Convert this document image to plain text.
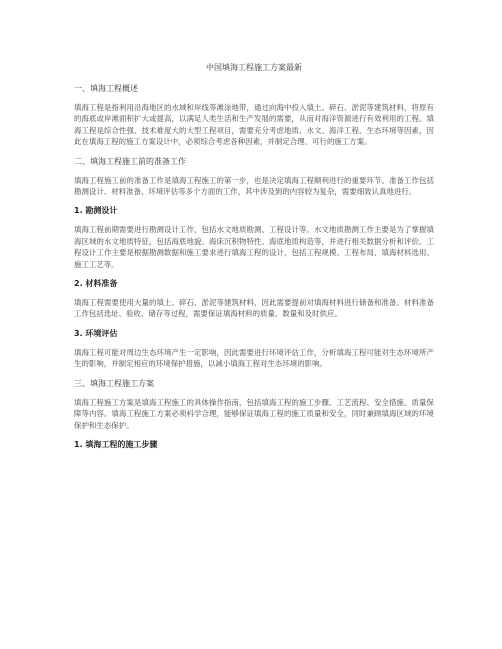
中国填海工程施工方案最新
一、填海工程概述
填海工程是指利用沿海地区的水域和岸线等滩涂地带，通过向海中投入填土、碎石、淤泥等建筑材料，将原有的海底或岸滩面积扩大或提高，以满足人类生活和生产发展的需要，从而对海洋资源进行有效利用的工程。填海工程是综合性强、技术难度大的大型工程项目，需要充分考虑地质、水文、海洋工程、生态环境等因素，因此在填海工程的施工方案设计中，必须综合考虑各种因素，并制定合理、可行的施工方案。
二、填海工程施工前的准备工作
填海工程施工前的准备工作是填海工程施工的第一步，也是决定填海工程顺利进行的重要环节。准备工作包括勘测设计、材料准备、环境评估等多个方面的工作，其中涉及到的内容较为复杂，需要细致认真地进行。
1. 勘测设计
填海工程前期需要进行勘测设计工作，包括水文地质勘测、工程设计等。水文地质勘测工作主要是为了掌握填海区域的水文地质特征，包括海底地貌、海床沉积物特性、海底地质构造等，并进行相关数据分析和评价。工程设计工作主要是根据勘测数据和施工要求进行填海工程的设计，包括工程规模、工程布局、填海材料选用、施工工艺等。
2. 材料准备
填海工程需要使用大量的填土、碎石、淤泥等建筑材料，因此需要提前对填海材料进行储备和准备。材料准备工作包括选址、验收、储存等过程，需要保证填海材料的质量、数量和及时供应。
3. 环境评估
填海工程可能对周边生态环境产生一定影响，因此需要进行环境评估工作，分析填海工程可能对生态环境所产生的影响，并制定相应的环境保护措施，以减小填海工程对生态环境的影响。
三、填海工程施工方案
填海工程施工方案是填海工程施工的具体操作指南，包括填海工程的施工步骤、工艺流程、安全措施、质量保障等内容。填海工程施工方案必须科学合理，能够保证填海工程的施工质量和安全，同时兼顾填海区域的环境保护和生态保护。
1. 填海工程的施工步骤
